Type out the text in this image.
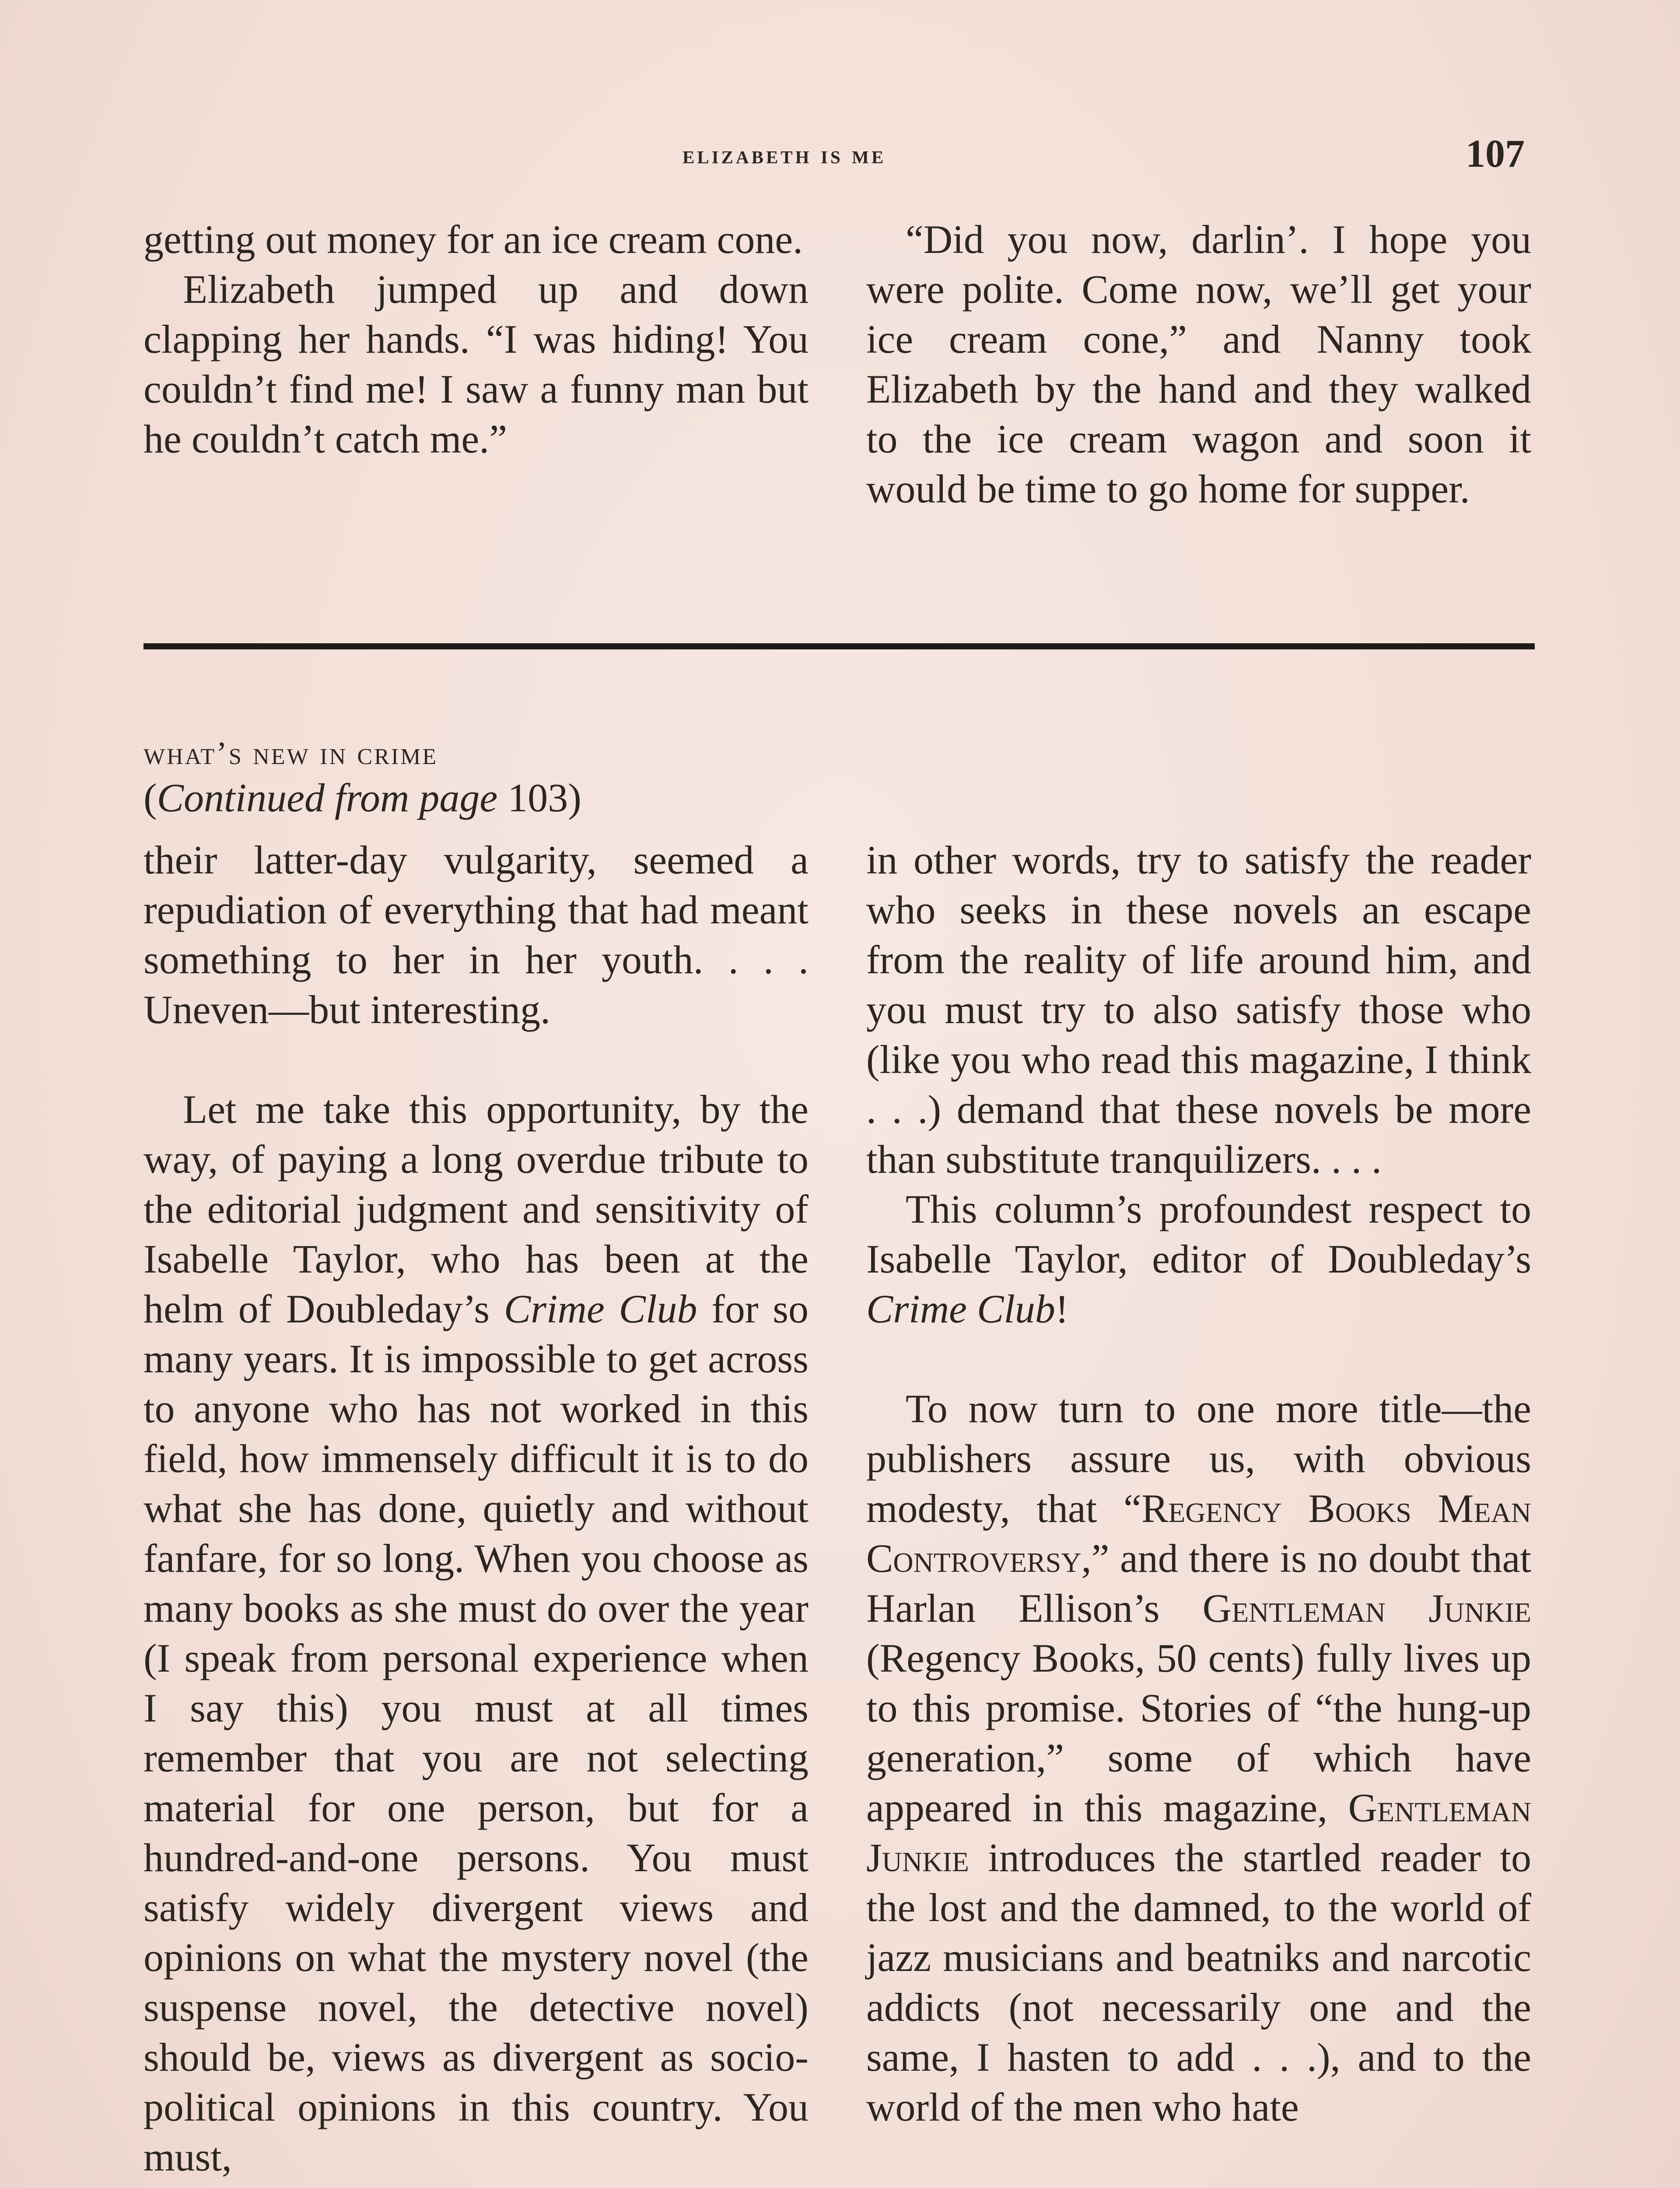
elizabeth is me	107

getting out money for an ice cream cone.

Elizabeth jumped up and down clapping her hands. “I was hiding! You couldn’t find me! I saw a funny man but he couldn’t catch me.”

“Did you now, darlin’. I hope you were polite. Come now, we’ll get your ice cream cone,” and Nanny took Elizabeth by the hand and they walked to the ice cream wagon and soon it would be time to go home for supper.

what’s new in crime
(Continued from page 103)

their latter-day vulgarity, seemed a repudiation of everything that had meant something to her in her youth. . . . Uneven—but interesting.

Let me take this opportunity, by the way, of paying a long overdue tribute to the editorial judgment and sensitivity of Isabelle Taylor, who has been at the helm of Doubleday’s Crime Club for so many years. It is impossible to get across to anyone who has not worked in this field, how immensely difficult it is to do what she has done, quietly and without fanfare, for so long. When you choose as many books as she must do over the year (I speak from personal experience when I say this) you must at all times remember that you are not selecting material for one person, but for a hundred-and-one persons. You must satisfy widely divergent views and opinions on what the mystery novel (the suspense novel, the detective novel) should be, views as divergent as socio-political opinions in this country. You must,

in other words, try to satisfy the reader who seeks in these novels an escape from the reality of life around him, and you must try to also satisfy those who (like you who read this magazine, I think . . .) demand that these novels be more than substitute tranquilizers. . . .

This column’s profoundest respect to Isabelle Taylor, editor of Doubleday’s Crime Club!

To now turn to one more title—the publishers assure us, with obvious modesty, that “Regency Books Mean Controversy,” and there is no doubt that Harlan Ellison’s Gentleman Junkie (Regency Books, 50 cents) fully lives up to this promise. Stories of “the hung-up generation,” some of which have appeared in this magazine, Gentleman Junkie introduces the startled reader to the lost and the damned, to the world of jazz musicians and beatniks and narcotic addicts (not necessarily one and the same, I hasten to add . . .), and to the world of the men who hate
